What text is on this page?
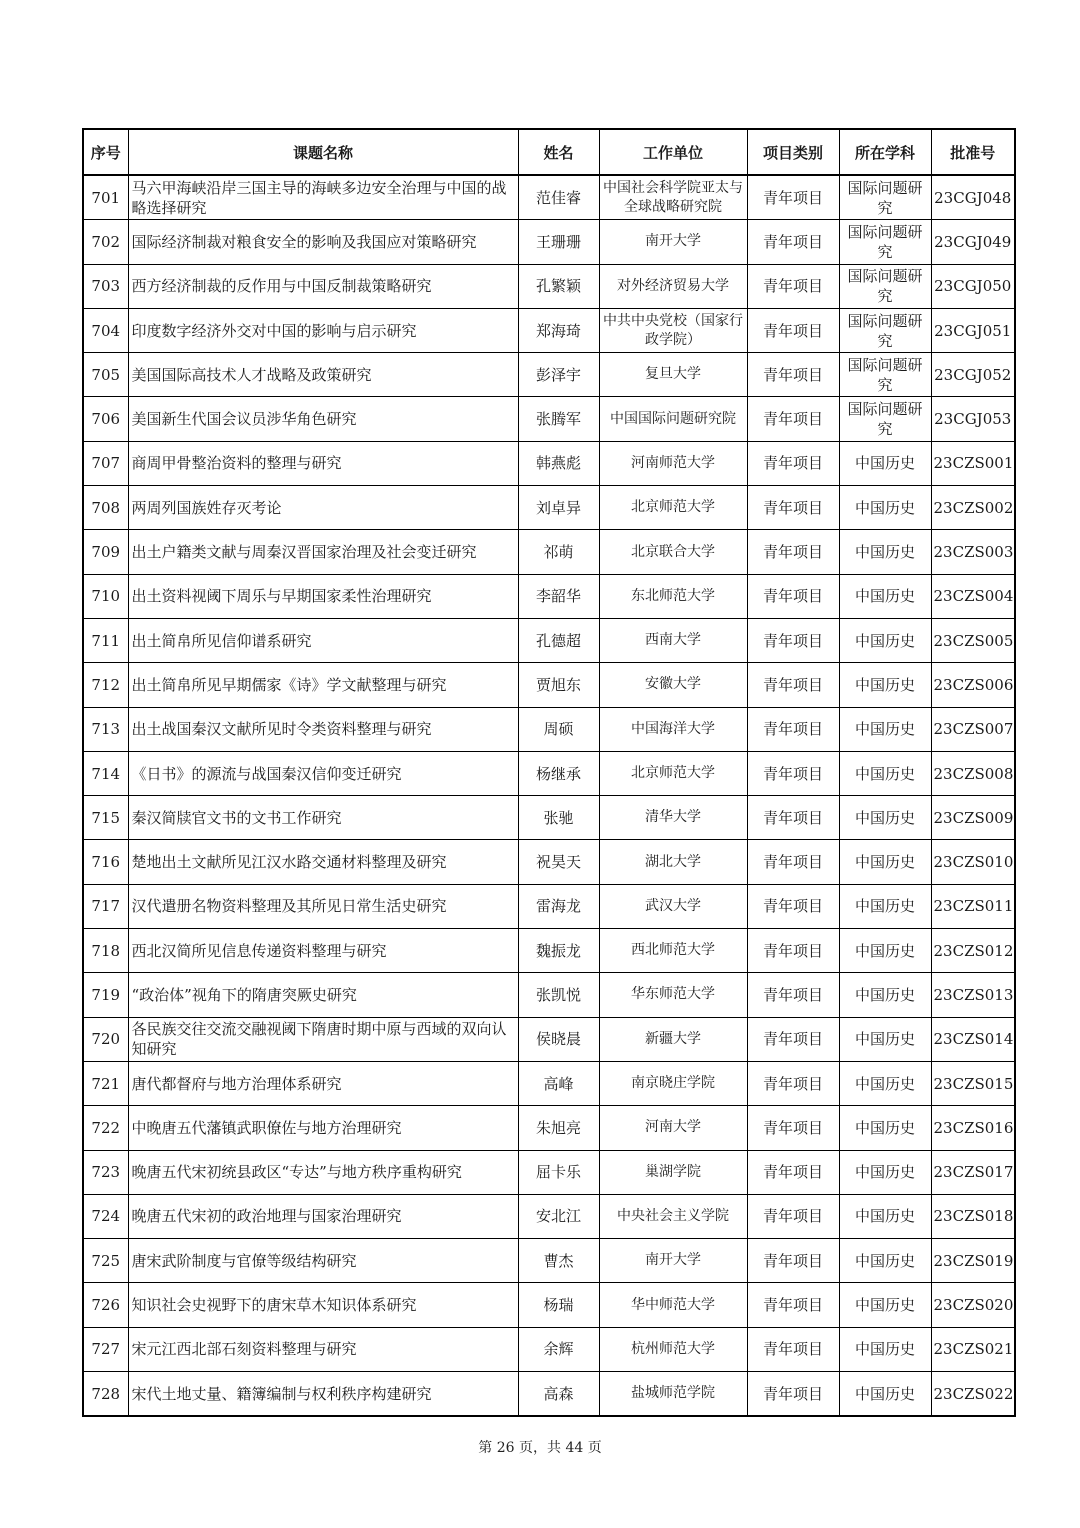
序号	课题名称	姓名	工作单位	项目类别	所在学科	批准号
701	马六甲海峡沿岸三国主导的海峡多边安全治理与中国的战略选择研究	范佳睿	中国社会科学院亚太与全球战略研究院	青年项目	国际问题研究	23CGJ048
702	国际经济制裁对粮食安全的影响及我国应对策略研究	王珊珊	南开大学	青年项目	国际问题研究	23CGJ049
703	西方经济制裁的反作用与中国反制裁策略研究	孔繁颖	对外经济贸易大学	青年项目	国际问题研究	23CGJ050
704	印度数字经济外交对中国的影响与启示研究	郑海琦	中共中央党校（国家行政学院）	青年项目	国际问题研究	23CGJ051
705	美国国际高技术人才战略及政策研究	彭泽宇	复旦大学	青年项目	国际问题研究	23CGJ052
706	美国新生代国会议员涉华角色研究	张腾军	中国国际问题研究院	青年项目	国际问题研究	23CGJ053
707	商周甲骨整治资料的整理与研究	韩燕彪	河南师范大学	青年项目	中国历史	23CZS001
708	两周列国族姓存灭考论	刘卓异	北京师范大学	青年项目	中国历史	23CZS002
709	出土户籍类文献与周秦汉晋国家治理及社会变迁研究	祁萌	北京联合大学	青年项目	中国历史	23CZS003
710	出土资料视阈下周乐与早期国家柔性治理研究	李韶华	东北师范大学	青年项目	中国历史	23CZS004
711	出土简帛所见信仰谱系研究	孔德超	西南大学	青年项目	中国历史	23CZS005
712	出土简帛所见早期儒家《诗》学文献整理与研究	贾旭东	安徽大学	青年项目	中国历史	23CZS006
713	出土战国秦汉文献所见时令类资料整理与研究	周硕	中国海洋大学	青年项目	中国历史	23CZS007
714	《日书》的源流与战国秦汉信仰变迁研究	杨继承	北京师范大学	青年项目	中国历史	23CZS008
715	秦汉简牍官文书的文书工作研究	张驰	清华大学	青年项目	中国历史	23CZS009
716	楚地出土文献所见江汉水路交通材料整理及研究	祝昊天	湖北大学	青年项目	中国历史	23CZS010
717	汉代遣册名物资料整理及其所见日常生活史研究	雷海龙	武汉大学	青年项目	中国历史	23CZS011
718	西北汉简所见信息传递资料整理与研究	魏振龙	西北师范大学	青年项目	中国历史	23CZS012
719	“政治体”视角下的隋唐突厥史研究	张凯悦	华东师范大学	青年项目	中国历史	23CZS013
720	各民族交往交流交融视阈下隋唐时期中原与西域的双向认知研究	侯晓晨	新疆大学	青年项目	中国历史	23CZS014
721	唐代都督府与地方治理体系研究	高峰	南京晓庄学院	青年项目	中国历史	23CZS015
722	中晚唐五代藩镇武职僚佐与地方治理研究	朱旭亮	河南大学	青年项目	中国历史	23CZS016
723	晚唐五代宋初统县政区“专达”与地方秩序重构研究	屈卡乐	巢湖学院	青年项目	中国历史	23CZS017
724	晚唐五代宋初的政治地理与国家治理研究	安北江	中央社会主义学院	青年项目	中国历史	23CZS018
725	唐宋武阶制度与官僚等级结构研究	曹杰	南开大学	青年项目	中国历史	23CZS019
726	知识社会史视野下的唐宋草木知识体系研究	杨瑞	华中师范大学	青年项目	中国历史	23CZS020
727	宋元江西北部石刻资料整理与研究	余辉	杭州师范大学	青年项目	中国历史	23CZS021
728	宋代土地丈量、籍簿编制与权利秩序构建研究	高森	盐城师范学院	青年项目	中国历史	23CZS022
第 26 页，共 44 页
